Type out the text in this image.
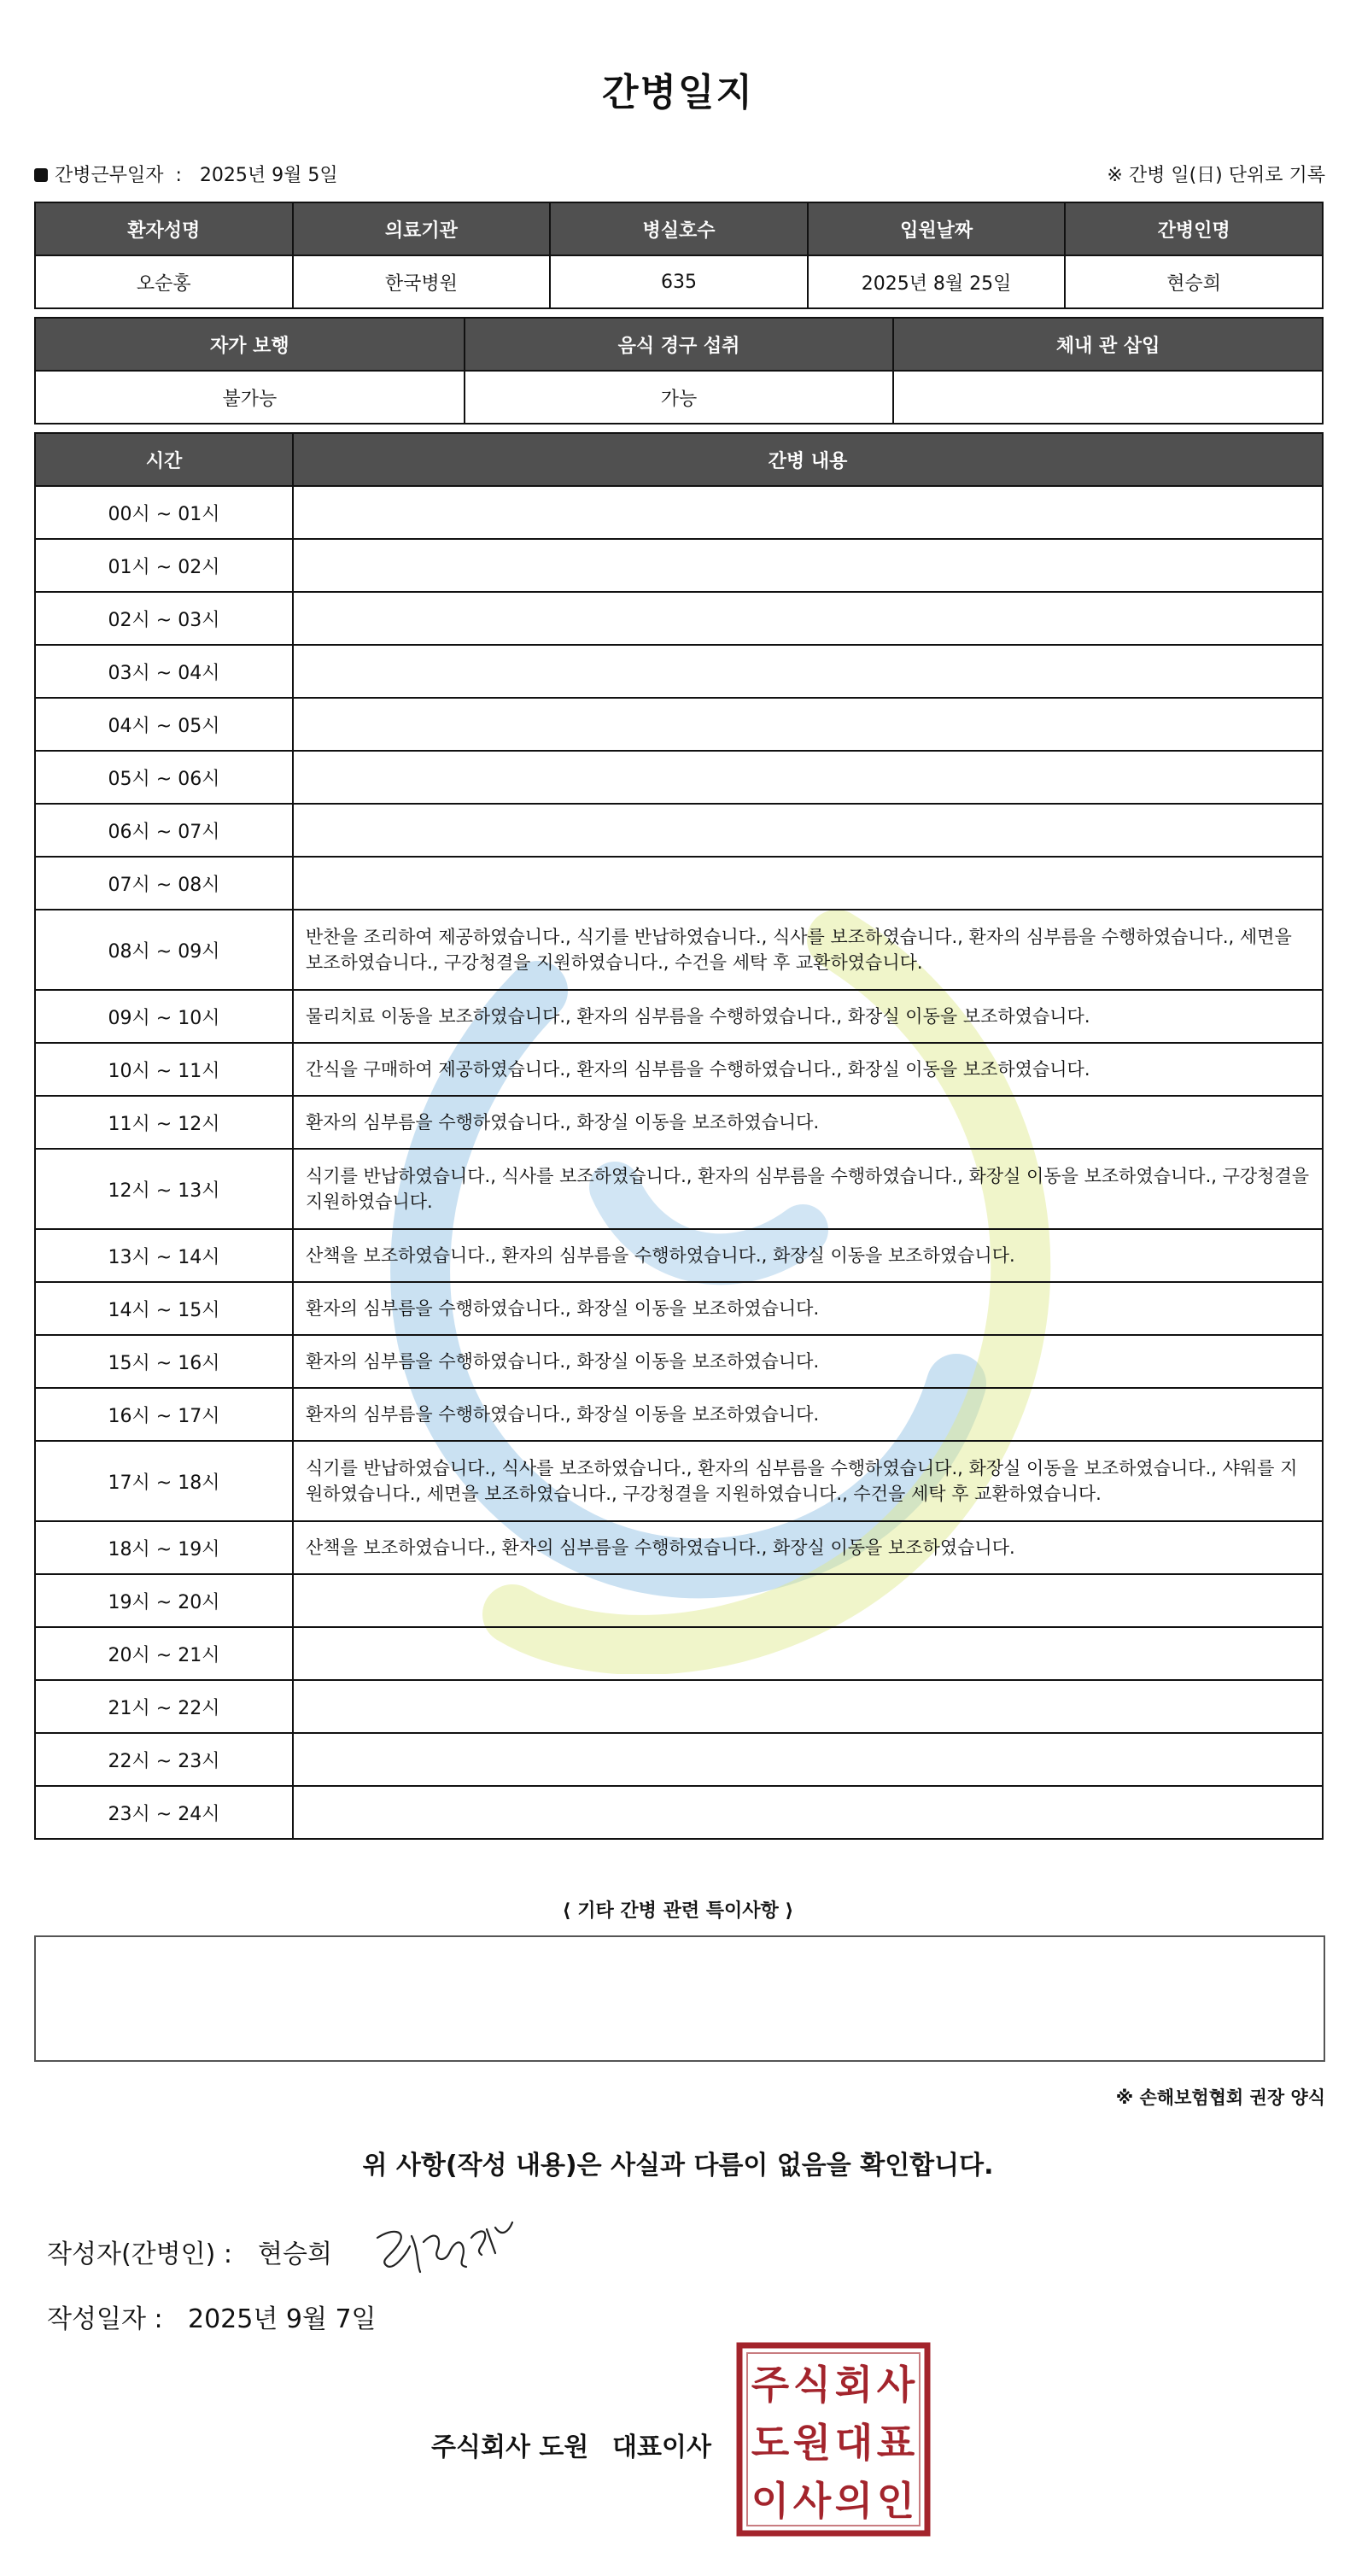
간병일지
간병근무일자 : 2025년 9월 5일	※ 간병 일(日) 단위로 기록
환자성명	의료기관	병실호수	입원날짜	간병인명
오순홍	한국병원	635	2025년 8월 25일	현승희
자가 보행	음식 경구 섭취	체내 관 삽입
불가능	가능	
시간	간병 내용
00시 ~ 01시	
01시 ~ 02시	
02시 ~ 03시	
03시 ~ 04시	
04시 ~ 05시	
05시 ~ 06시	
06시 ~ 07시	
07시 ~ 08시	
08시 ~ 09시	반찬을 조리하여 제공하였습니다., 식기를 반납하였습니다., 식사를 보조하였습니다., 환자의 심부름을 수행하였습니다., 세면을 보조하였습니다., 구강청결을 지원하였습니다., 수건을 세탁 후 교환하였습니다.
09시 ~ 10시	물리치료 이동을 보조하였습니다., 환자의 심부름을 수행하였습니다., 화장실 이동을 보조하였습니다.
10시 ~ 11시	간식을 구매하여 제공하였습니다., 환자의 심부름을 수행하였습니다., 화장실 이동을 보조하였습니다.
11시 ~ 12시	환자의 심부름을 수행하였습니다., 화장실 이동을 보조하였습니다.
12시 ~ 13시	식기를 반납하였습니다., 식사를 보조하였습니다., 환자의 심부름을 수행하였습니다., 화장실 이동을 보조하였습니다., 구강청결을 지원하였습니다.
13시 ~ 14시	산책을 보조하였습니다., 환자의 심부름을 수행하였습니다., 화장실 이동을 보조하였습니다.
14시 ~ 15시	환자의 심부름을 수행하였습니다., 화장실 이동을 보조하였습니다.
15시 ~ 16시	환자의 심부름을 수행하였습니다., 화장실 이동을 보조하였습니다.
16시 ~ 17시	환자의 심부름을 수행하였습니다., 화장실 이동을 보조하였습니다.
17시 ~ 18시	식기를 반납하였습니다., 식사를 보조하였습니다., 환자의 심부름을 수행하였습니다., 화장실 이동을 보조하였습니다., 샤워를 지원하였습니다., 세면을 보조하였습니다., 구강청결을 지원하였습니다., 수건을 세탁 후 교환하였습니다.
18시 ~ 19시	산책을 보조하였습니다., 환자의 심부름을 수행하였습니다., 화장실 이동을 보조하였습니다.
19시 ~ 20시	
20시 ~ 21시	
21시 ~ 22시	
22시 ~ 23시	
23시 ~ 24시	
⟨ 기타 간병 관련 특이사항 ⟩
※ 손해보험협회 권장 양식
위 사항(작성 내용)은 사실과 다름이 없음을 확인합니다.
작성자(간병인) : 현승희
작성일자 : 2025년 9월 7일
주식회사 도원 대표이사
주 식 회 사
도 원 대 표
이 사 의 인
